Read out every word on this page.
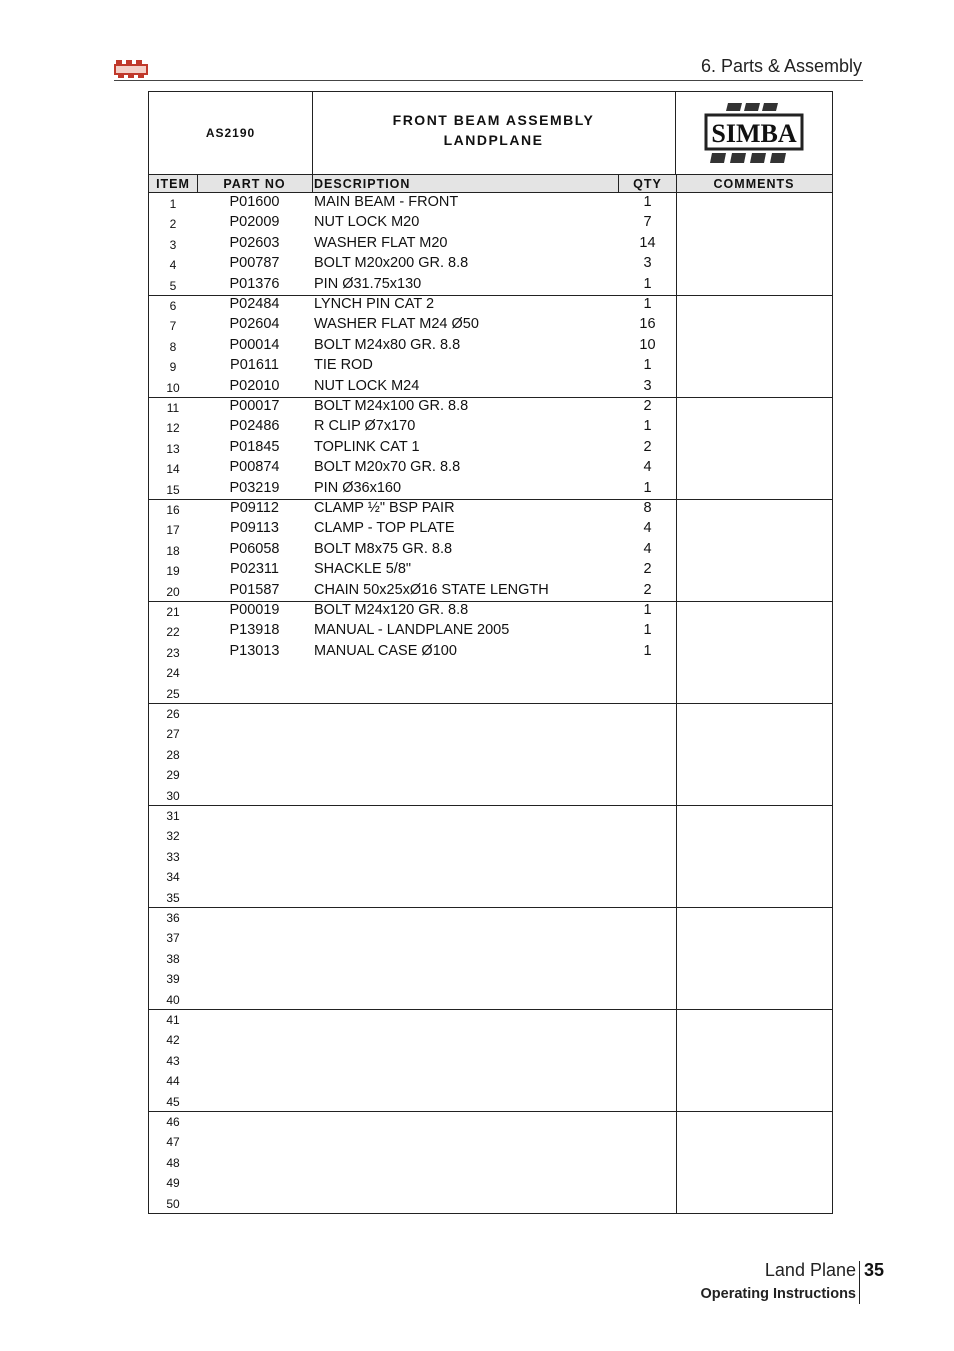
6. Parts & Assembly
AS2190
FRONT BEAM ASSEMBLY
LANDPLANE	SIMBA
ITEM	PART NO	DESCRIPTION	QTY	COMMENTS
1	P01600	MAIN BEAM - FRONT	1
2	P02009	NUT LOCK M20	7
3	P02603	WASHER FLAT M20	14
4	P00787	BOLT M20x200 GR. 8.8	3
5	P01376	PIN Ø31.75x130	1
6	P02484	LYNCH PIN CAT 2	1
7	P02604	WASHER FLAT M24 Ø50	16
8	P00014	BOLT M24x80 GR. 8.8	10
9	P01611	TIE ROD	1
10	P02010	NUT LOCK M24	3
11	P00017	BOLT M24x100 GR. 8.8	2
12	P02486	R CLIP Ø7x170	1
13	P01845	TOPLINK CAT 1	2
14	P00874	BOLT M20x70 GR. 8.8	4
15	P03219	PIN Ø36x160	1
16	P09112	CLAMP ½" BSP PAIR	8
17	P09113	CLAMP - TOP PLATE	4
18	P06058	BOLT M8x75 GR. 8.8	4
19	P02311	SHACKLE 5/8"	2
20	P01587	CHAIN 50x25xØ16 STATE LENGTH	2
21	P00019	BOLT M24x120 GR. 8.8	1
22	P13918	MANUAL - LANDPLANE 2005	1
23	P13013	MANUAL CASE Ø100	1
24
25
26
27
28
29
30
31
32
33
34
35
36
37
38
39
40
41
42
43
44
45
46
47
48
49
50
Land Plane 35
Operating Instructions
